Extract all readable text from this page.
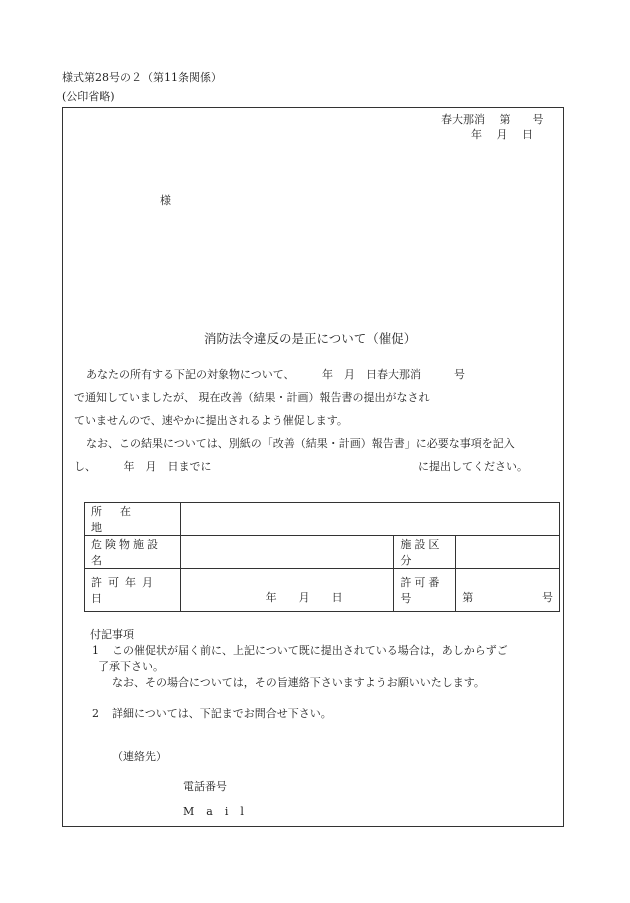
様式第28号の２（第11条関係）
(公印省略)
春大那消　 第　　号
年　 月　 日
様
消防法令違反の是正について（催促）
あなたの所有する下記の対象物について、　　　年　月　日春大那消　　　号
で通知していましたが、 現在改善（結果・計画）報告書の提出がなされ
ていませんので、速やかに提出されるよう催促します。
なお、この結果については、別紙の「改善（結果・計画）報告書」に必要な事項を記入
し、　　　年　月　日までに	に提出してください。
所在地			
危険物施設名		施設区分	
許可年月日	年　　月　　日	許可番号	第 号
付記事項
1 この催促状が届く前に、上記について既に提出されている場合は，あしからずご
了承下さい。
なお、その場合については，その旨連絡下さいますようお願いいたします。
2 詳細については、下記までお問合せ下さい。
（連絡先）
電話番号
Mail
